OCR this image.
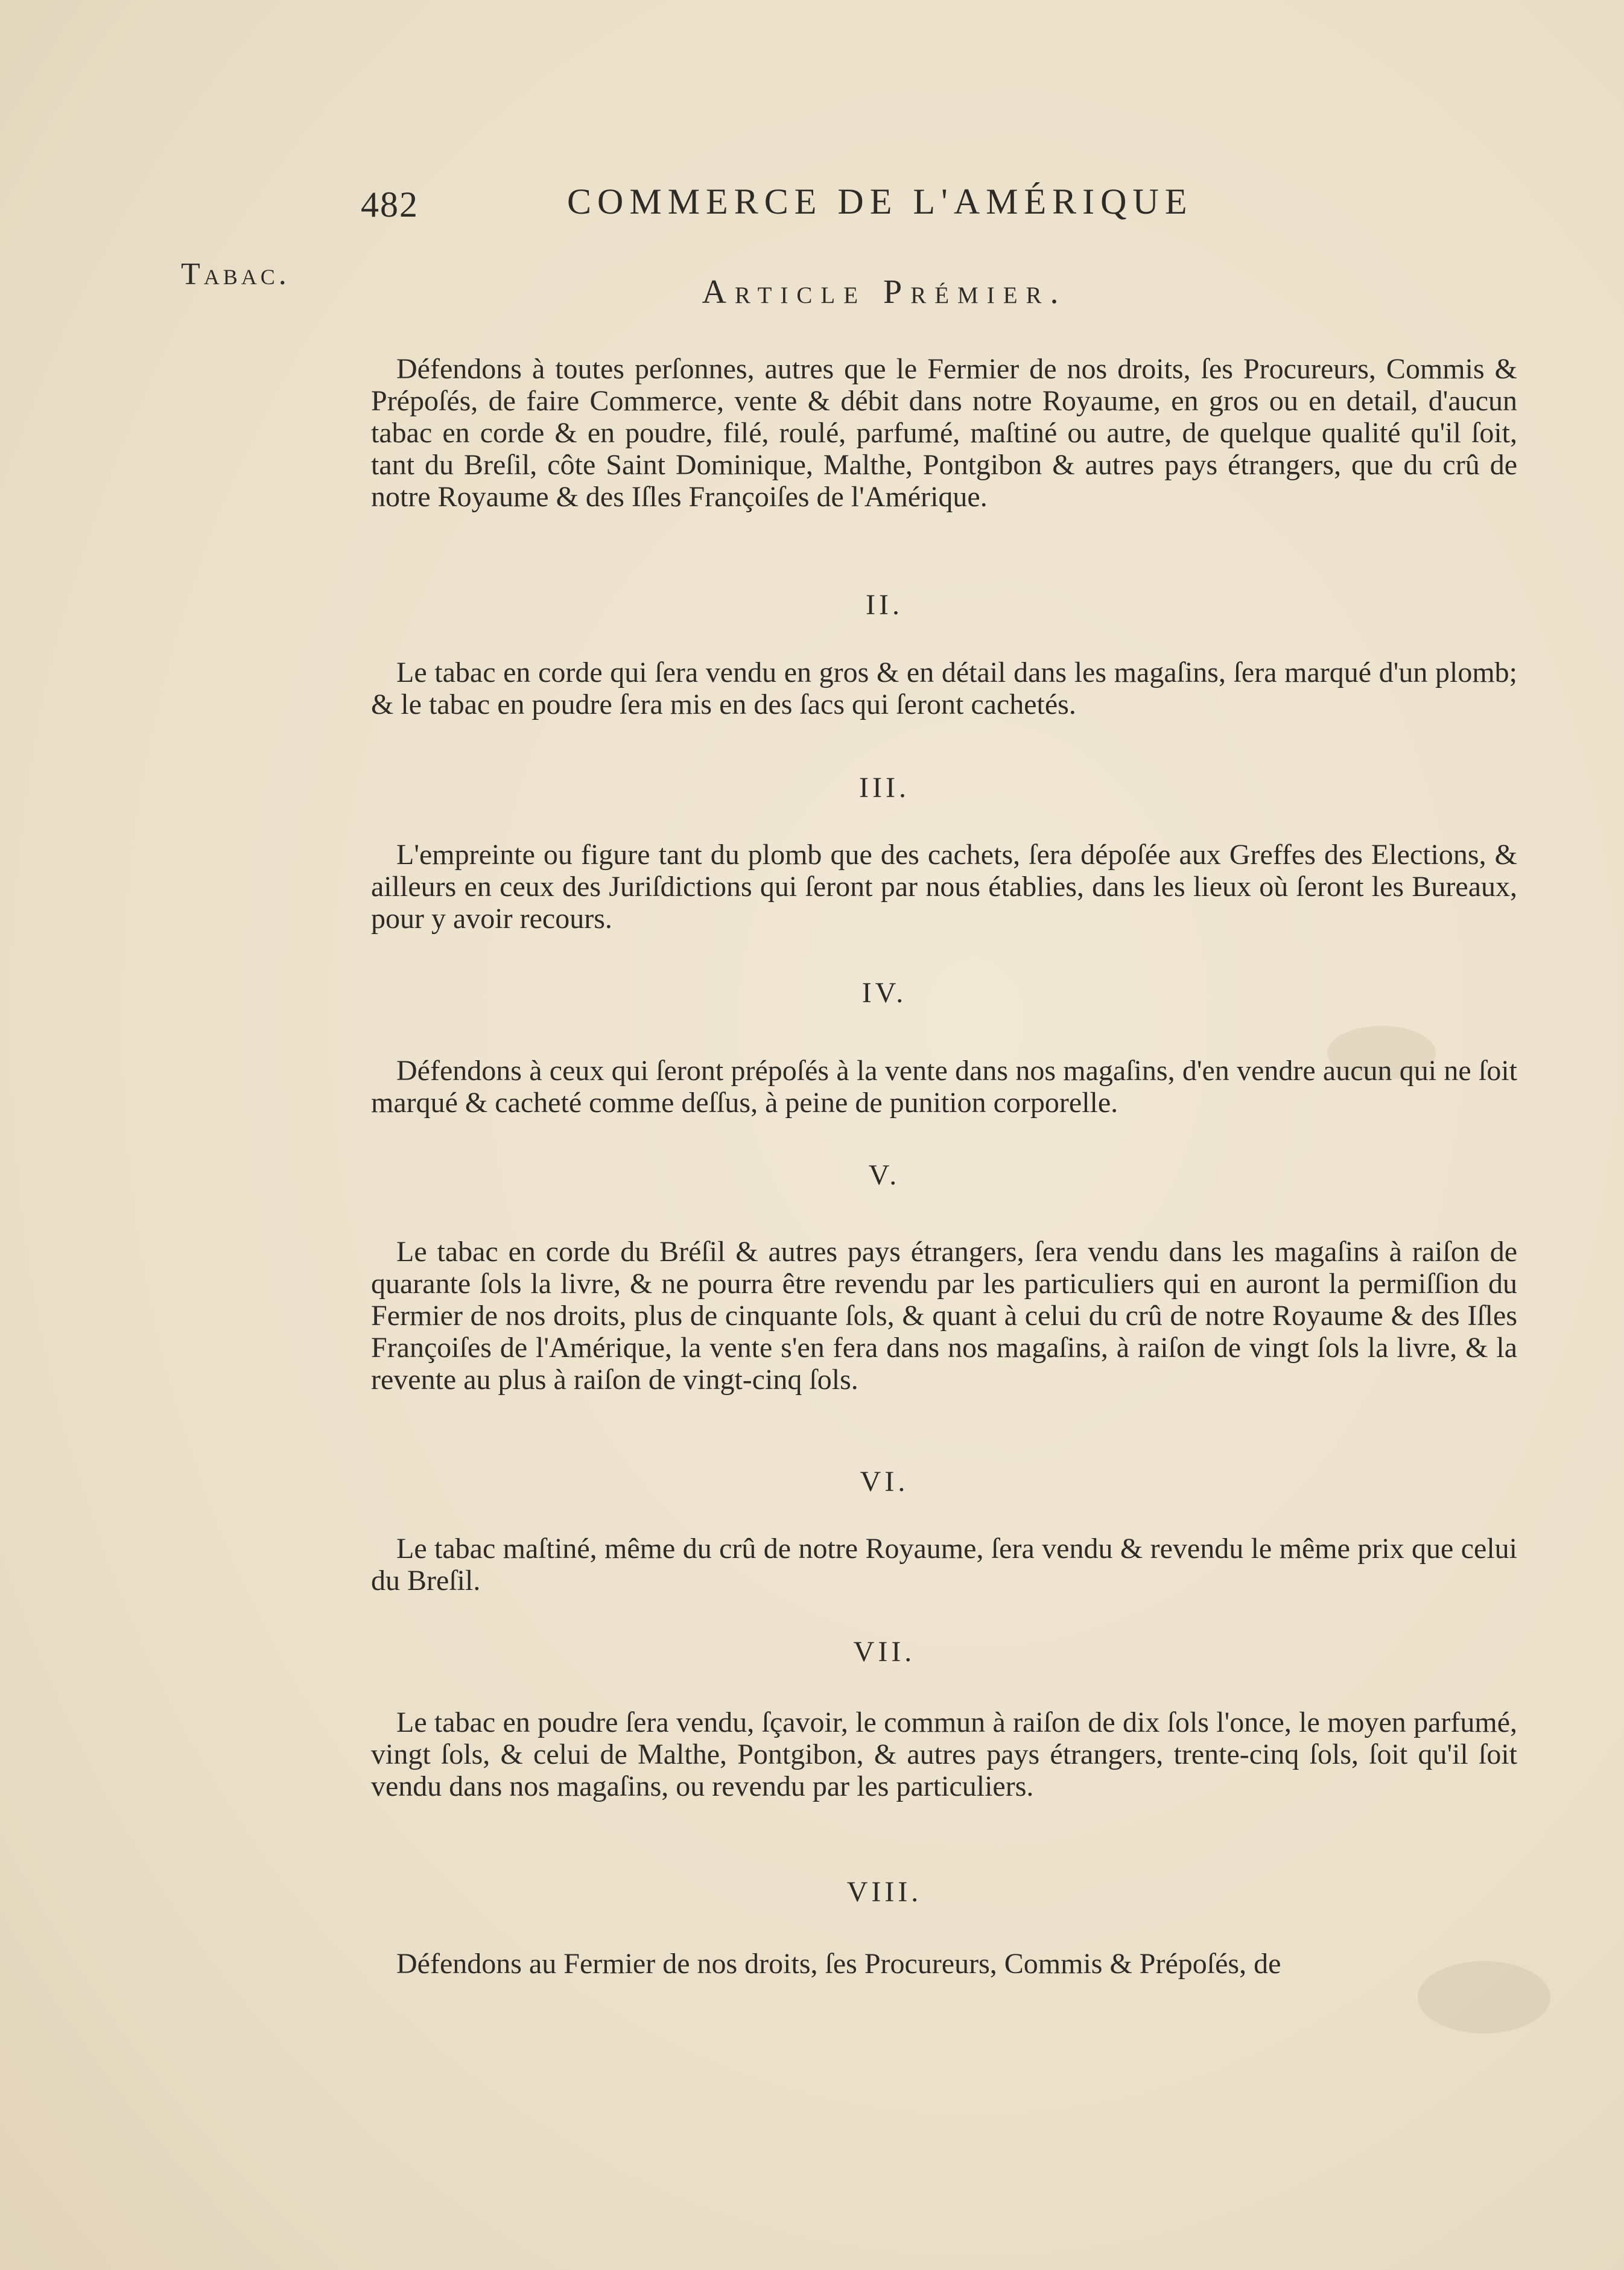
482	COMMERCE DE L'AMÉRIQUE
Tabac.	Article Prémier.
Défendons à toutes perſonnes, autres que le Fermier de nos droits, ſes Procureurs, Commis & Prépoſés, de faire Commerce, vente & débit dans notre Royaume, en gros ou en detail, d'aucun tabac en corde & en poudre, filé, roulé, parfumé, maſtiné ou autre, de quelque qualité qu'il ſoit, tant du Breſil, côte Saint Dominique, Malthe, Pontgibon & autres pays étrangers, que du crû de notre Royaume & des Iſles Françoiſes de l'Amérique.
II.
Le tabac en corde qui ſera vendu en gros & en détail dans les magaſins, ſera marqué d'un plomb; & le tabac en poudre ſera mis en des ſacs qui ſeront cachetés.
III.
L'empreinte ou figure tant du plomb que des cachets, ſera dépoſée aux Greffes des Elections, & ailleurs en ceux des Juriſdictions qui ſeront par nous établies, dans les lieux où ſeront les Bureaux, pour y avoir recours.
IV.
Défendons à ceux qui ſeront prépoſés à la vente dans nos magaſins, d'en vendre aucun qui ne ſoit marqué & cacheté comme deſſus, à peine de punition corporelle.
V.
Le tabac en corde du Bréſil & autres pays étrangers, ſera vendu dans les magaſins à raiſon de quarante ſols la livre, & ne pourra être revendu par les particuliers qui en auront la permiſſion du Fermier de nos droits, plus de cinquante ſols, & quant à celui du crû de notre Royaume & des Iſles Françoiſes de l'Amérique, la vente s'en fera dans nos magaſins, à raiſon de vingt ſols la livre, & la revente au plus à raiſon de vingt-cinq ſols.
VI.
Le tabac maſtiné, même du crû de notre Royaume, ſera vendu & revendu le même prix que celui du Breſil.
VII.
Le tabac en poudre ſera vendu, ſçavoir, le commun à raiſon de dix ſols l'once, le moyen parfumé, vingt ſols, & celui de Malthe, Pontgibon, & autres pays étrangers, trente-cinq ſols, ſoit qu'il ſoit vendu dans nos magaſins, ou revendu par les particuliers.
VIII.
Défendons au Fermier de nos droits, ſes Procureurs, Commis & Prépoſés, de
